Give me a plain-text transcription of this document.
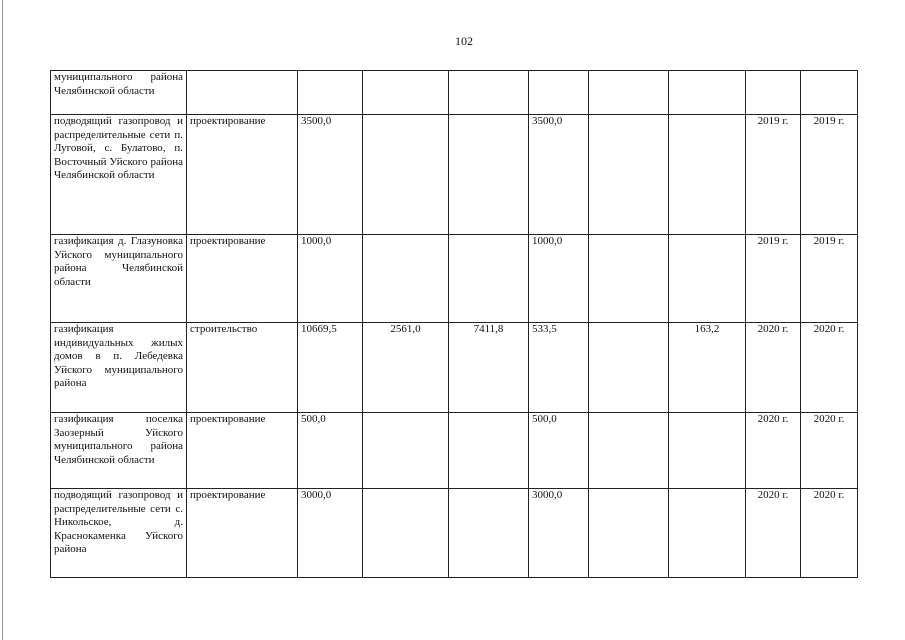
102
муниципального района Челябинской области									
подводящий газопровод и распределительные сети п. Луговой, с. Булатово, п. Восточный Уйского района Челябинской области	проектирование	3500,0			3500,0			2019 г.	2019 г.
газификация д. Глазуновка Уйского муниципального района Челябинской области	проектирование	1000,0			1000,0			2019 г.	2019 г.
газификация индивидуальных жилых домов в п. Лебедевка Уйского муниципального района	строительство	10669,5	2561,0	7411,8	533,5		163,2	2020 г.	2020 г.
газификация поселка Заозерный Уйского муниципального района Челябинской области	проектирование	500,0			500,0			2020 г.	2020 г.
подводящий газопровод и распределительные сети с. Никольское, д. Краснокаменка Уйского района	проектирование	3000,0			3000,0			2020 г.	2020 г.
